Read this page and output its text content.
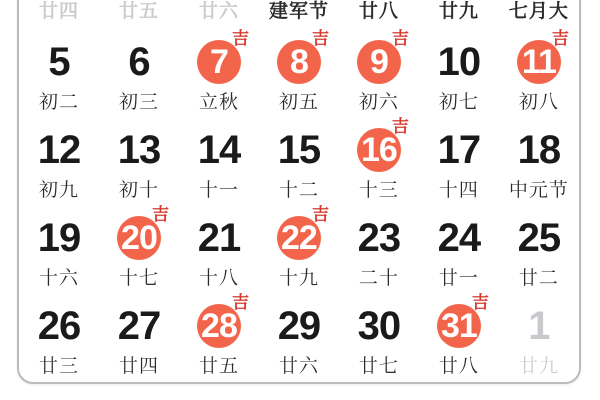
廿四 廿五 廿六 建军节 廿八 廿九 七月大
5
初二
6
初三
吉
7
立秋
吉
8
初五
吉
9
初六
10
初七
吉
11
初八
12
初九
13
初十
14
十一
15
十二
吉
16
十三
17
十四
18
中元节
19
十六
吉
20
十七
21
十八
吉
22
十九
23
二十
24
廿一
25
廿二
26
廿三
27
廿四
吉
28
廿五
29
廿六
30
廿七
吉
31
廿八
1
廿九
